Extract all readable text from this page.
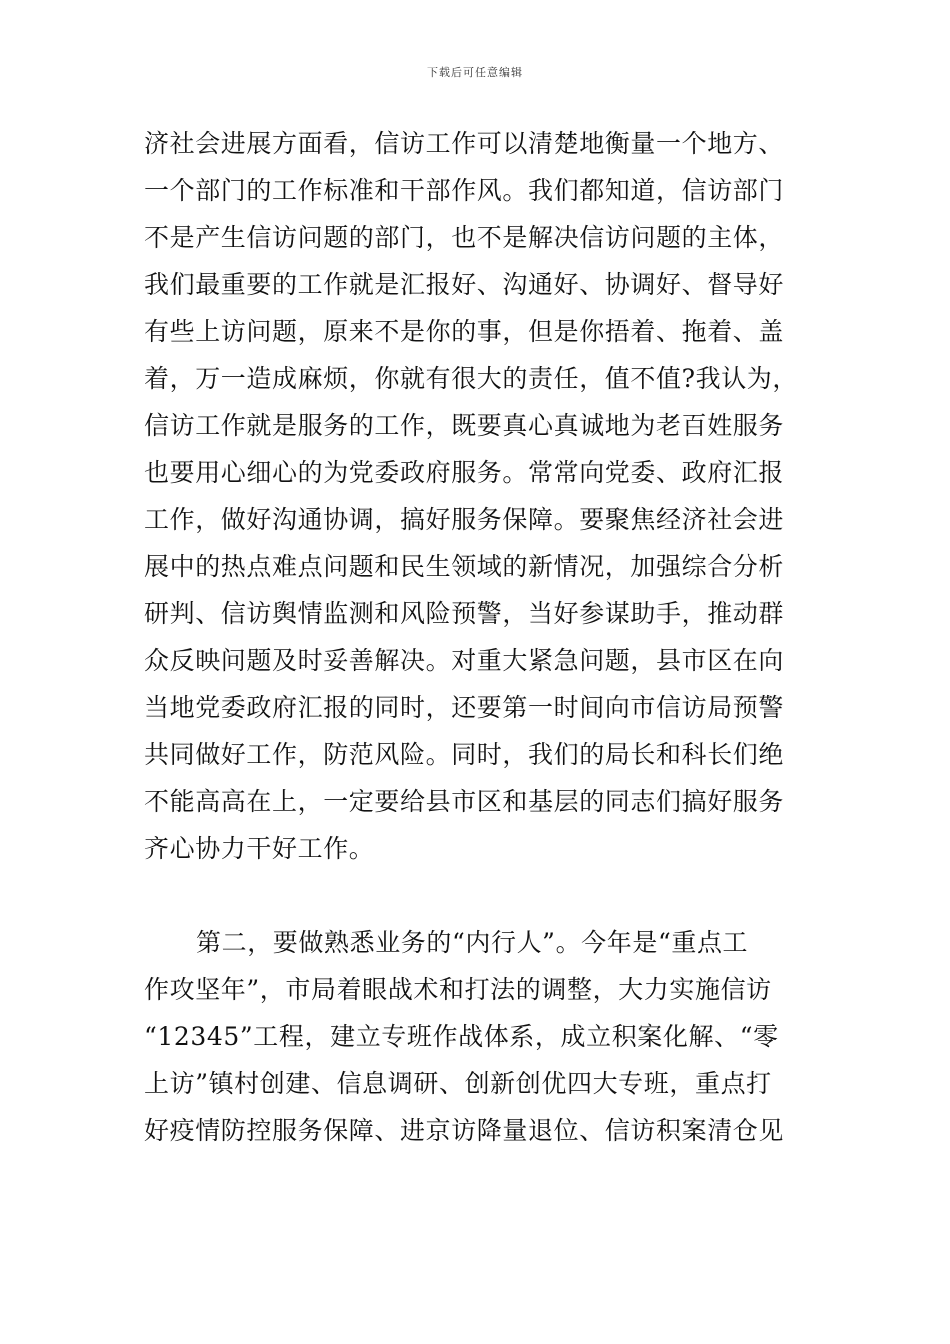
下载后可任意编辑
济社会进展方面看，信访工作可以清楚地衡量一个地方、
一个部门的工作标准和干部作风。我们都知道，信访部门
不是产生信访问题的部门，也不是解决信访问题的主体，
我们最重要的工作就是汇报好、沟通好、协调好、督导好
有些上访问题，原来不是你的事，但是你捂着、拖着、盖
着，万一造成麻烦，你就有很大的责任，值不值?我认为，
信访工作就是服务的工作，既要真心真诚地为老百姓服务
也要用心细心的为党委政府服务。常常向党委、政府汇报
工作，做好沟通协调，搞好服务保障。要聚焦经济社会进
展中的热点难点问题和民生领域的新情况，加强综合分析
研判、信访舆情监测和风险预警，当好参谋助手，推动群
众反映问题及时妥善解决。对重大紧急问题，县市区在向
当地党委政府汇报的同时，还要第一时间向市信访局预警
共同做好工作，防范风险。同时，我们的局长和科长们绝
不能高高在上，一定要给县市区和基层的同志们搞好服务
齐心协力干好工作。
第二，要做熟悉业务的“内行人”。今年是“重点工
作攻坚年”，市局着眼战术和打法的调整，大力实施信访
“12345”工程，建立专班作战体系，成立积案化解、“零
上访”镇村创建、信息调研、创新创优四大专班，重点打
好疫情防控服务保障、进京访降量退位、信访积案清仓见
